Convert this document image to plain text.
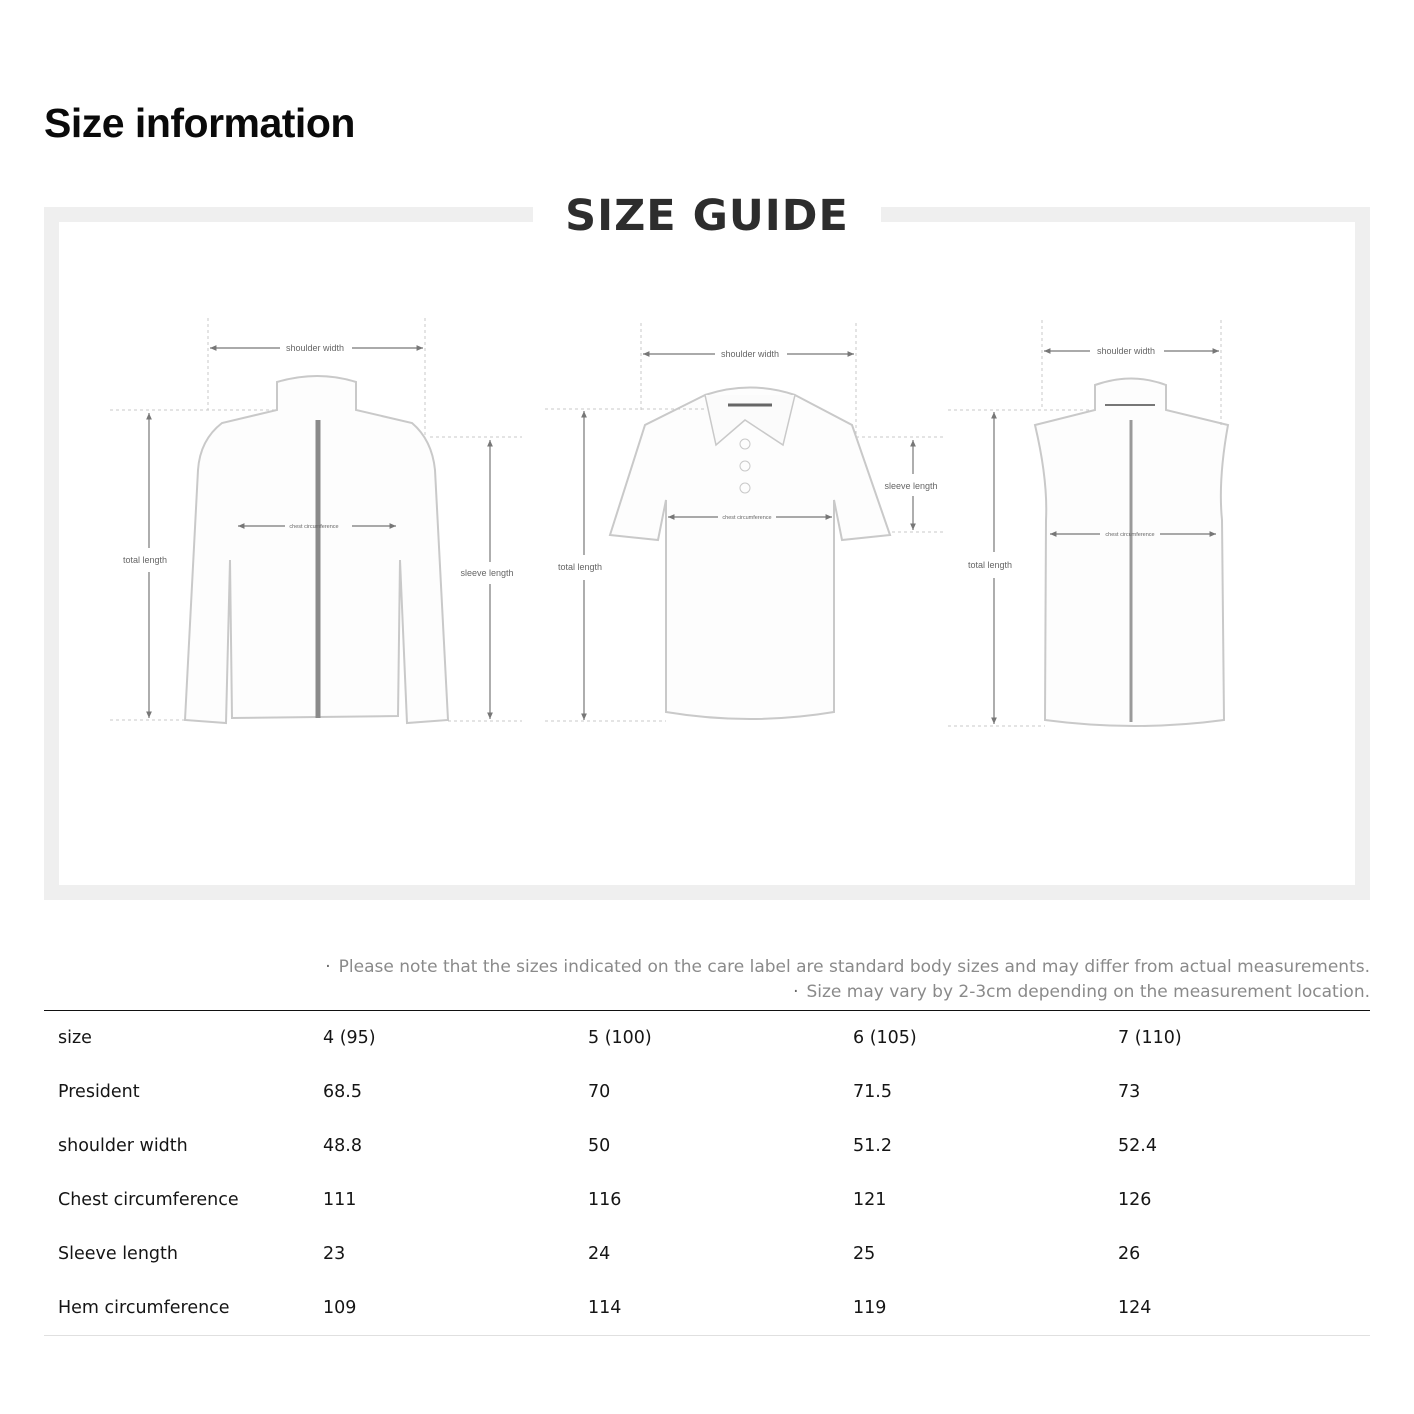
Size information
SIZE GUIDE
shoulder width
chest circumference
total length
sleeve length
shoulder width
chest circumference
total length
sleeve length
shoulder width
chest circumference
total length
· Please note that the sizes indicated on the care label are standard body sizes and may differ from actual measurements.
· Size may vary by 2-3cm depending on the measurement location.
size	4 (95)	5 (100)	6 (105)	7 (110)
President	68.5	70	71.5	73
shoulder width	48.8	50	51.2	52.4
Chest circumference	111	116	121	126
Sleeve length	23	24	25	26
Hem circumference	109	114	119	124
